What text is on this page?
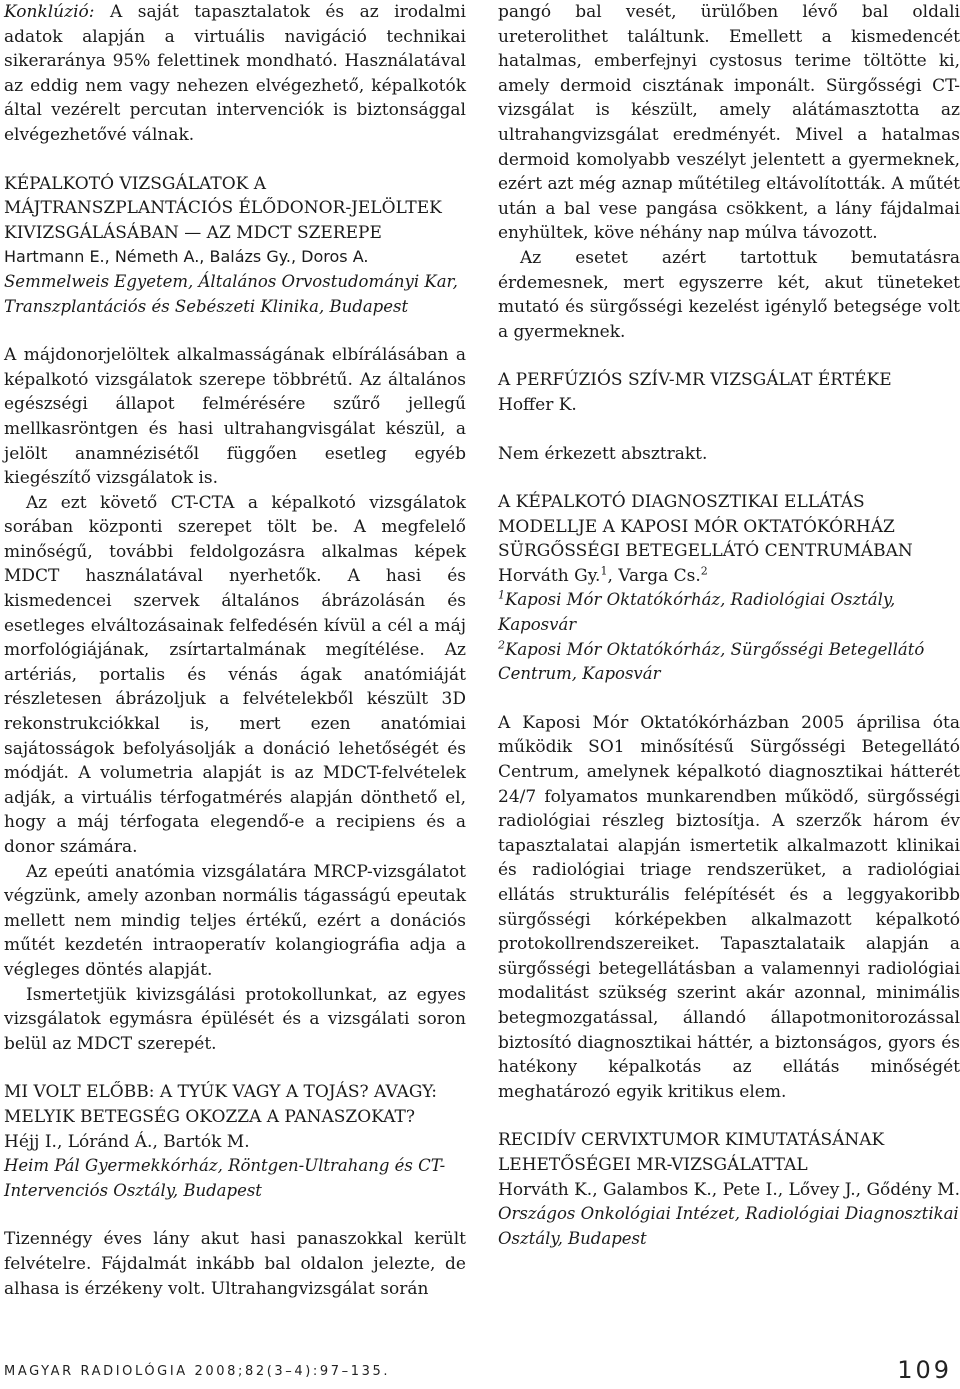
Konklúzió: A saját tapasztalatok és az irodalmi adatok alapján a virtuális navigáció technikai sikeraránya 95% felettinek mondható. Használatával az eddig nem vagy nehezen elvégezhető, képalkotók által vezérelt percutan intervenciók is biztonsággal elvégezhetővé válnak.

KÉPALKOTÓ VIZSGÁLATOK A MÁJTRANSZPLANTÁCIÓS ÉLŐDONOR-JELÖLTEK KIVIZSGÁLÁSÁBAN — AZ MDCT SZEREPE

Hartmann E., Németh A., Balázs Gy., Doros A.

Semmelweis Egyetem, Általános Orvostudományi Kar, Transzplantációs és Sebészeti Klinika, Budapest

A májdonorjelöltek alkalmasságának elbírálásában a képalkotó vizsgálatok szerepe többrétű. Az általános egészségi állapot felmérésére szűrő jellegű mellkasröntgen és hasi ultrahangvisgálat készül, a jelölt anamnézisétől függően esetleg egyéb kiegészítő vizsgálatok is.

Az ezt követő CT-CTA a képalkotó vizsgálatok sorában központi szerepet tölt be. A megfelelő minőségű, további feldolgozásra alkalmas képek MDCT használatával nyerhetők. A hasi és kismedencei szervek általános ábrázolásán és esetleges elváltozásainak felfedésén kívül a cél a máj morfológiájának, zsírtartalmának megítélése. Az artériás, portalis és vénás ágak anatómiáját részletesen ábrázoljuk a felvételekből készült 3D rekonstrukciókkal is, mert ezen anatómiai sajátosságok befolyásolják a donáció lehetőségét és módját. A volumetria alapját is az MDCT-felvételek adják, a virtuális térfogatmérés alapján dönthető el, hogy a máj térfogata elegendő-e a recipiens és a donor számára.

Az epeúti anatómia vizsgálatára MRCP-vizsgálatot végzünk, amely azonban normális tágasságú epeutak mellett nem mindig teljes értékű, ezért a donációs műtét kezdetén intraoperatív kolangiográfia adja a végleges döntés alapját.

Ismertetjük kivizsgálási protokollunkat, az egyes vizsgálatok egymásra épülését és a vizsgálati soron belül az MDCT szerepét.

MI VOLT ELŐBB: A TYÚK VAGY A TOJÁS? AVAGY: MELYIK BETEGSÉG OKOZZA A PANASZOKAT?

Héjj I., Lóránd Á., Bartók M.

Heim Pál Gyermekkórház, Röntgen-Ultrahang és CT-Intervenciós Osztály, Budapest

Tizennégy éves lány akut hasi panaszokkal került felvételre. Fájdalmát inkább bal oldalon jelezte, de alhasa is érzékeny volt. Ultrahangvizsgálat során

pangó bal vesét, ürülőben lévő bal oldali ureterolithet találtunk. Emellett a kismedencét hatalmas, emberfejnyi cystosus terime töltötte ki, amely dermoid cisztának imponált. Sürgősségi CT-vizsgálat is készült, amely alátámasztotta az ultrahangvizsgálat eredményét. Mivel a hatalmas dermoid komolyabb veszélyt jelentett a gyermeknek, ezért azt még aznap műtétileg eltávolították. A műtét után a bal vese pangása csökkent, a lány fájdalmai enyhültek, köve néhány nap múlva távozott.

Az esetet azért tartottuk bemutatásra érdemesnek, mert egyszerre két, akut tüneteket mutató és sürgősségi kezelést igénylő betegsége volt a gyermeknek.

A PERFÚZIÓS SZÍV-MR VIZSGÁLAT ÉRTÉKE

Hoffer K.

Nem érkezett absztrakt.

A KÉPALKOTÓ DIAGNOSZTIKAI ELLÁTÁS MODELLJE A KAPOSI MÓR OKTATÓKÓRHÁZ SÜRGŐSSÉGI BETEGELLÁTÓ CENTRUMÁBAN

Horváth Gy.$^1$, Varga Cs.$^2$

$^1$Kaposi Mór Oktatókórház, Radiológiai Osztály, Kaposvár

$^2$Kaposi Mór Oktatókórház, Sürgősségi Betegellátó Centrum, Kaposvár

A Kaposi Mór Oktatókórházban 2005 áprilisa óta működik SO1 minősítésű Sürgősségi Betegellátó Centrum, amelynek képalkotó diagnosztikai hátterét 24/7 folyamatos munkarendben működő, sürgősségi radiológiai részleg biztosítja. A szerzők három év tapasztalatai alapján ismertetik alkalmazott klinikai és radiológiai triage rendszerüket, a radiológiai ellátás strukturális felépítését és a leggyakoribb sürgősségi kórképekben alkalmazott képalkotó protokollrendszereiket. Tapasztalataik alapján a sürgősségi betegellátásban a valamennyi radiológiai modalitást szükség szerint akár azonnal, minimális betegmozgatással, állandó állapotmonitorozással biztosító diagnosztikai háttér, a biztonságos, gyors és hatékony képalkotás az ellátás minőségét meghatározó egyik kritikus elem.

RECIDÍV CERVIXTUMOR KIMUTATÁSÁNAK LEHETŐSÉGEI MR-VIZSGÁLATTAL

Horváth K., Galambos K., Pete I., Lővey J., Gődény M.

Országos Onkológiai Intézet, Radiológiai Diagnosztikai Osztály, Budapest

MAGYAR RADIOLÓGIA 2008;82(3–4):97–135.	109
